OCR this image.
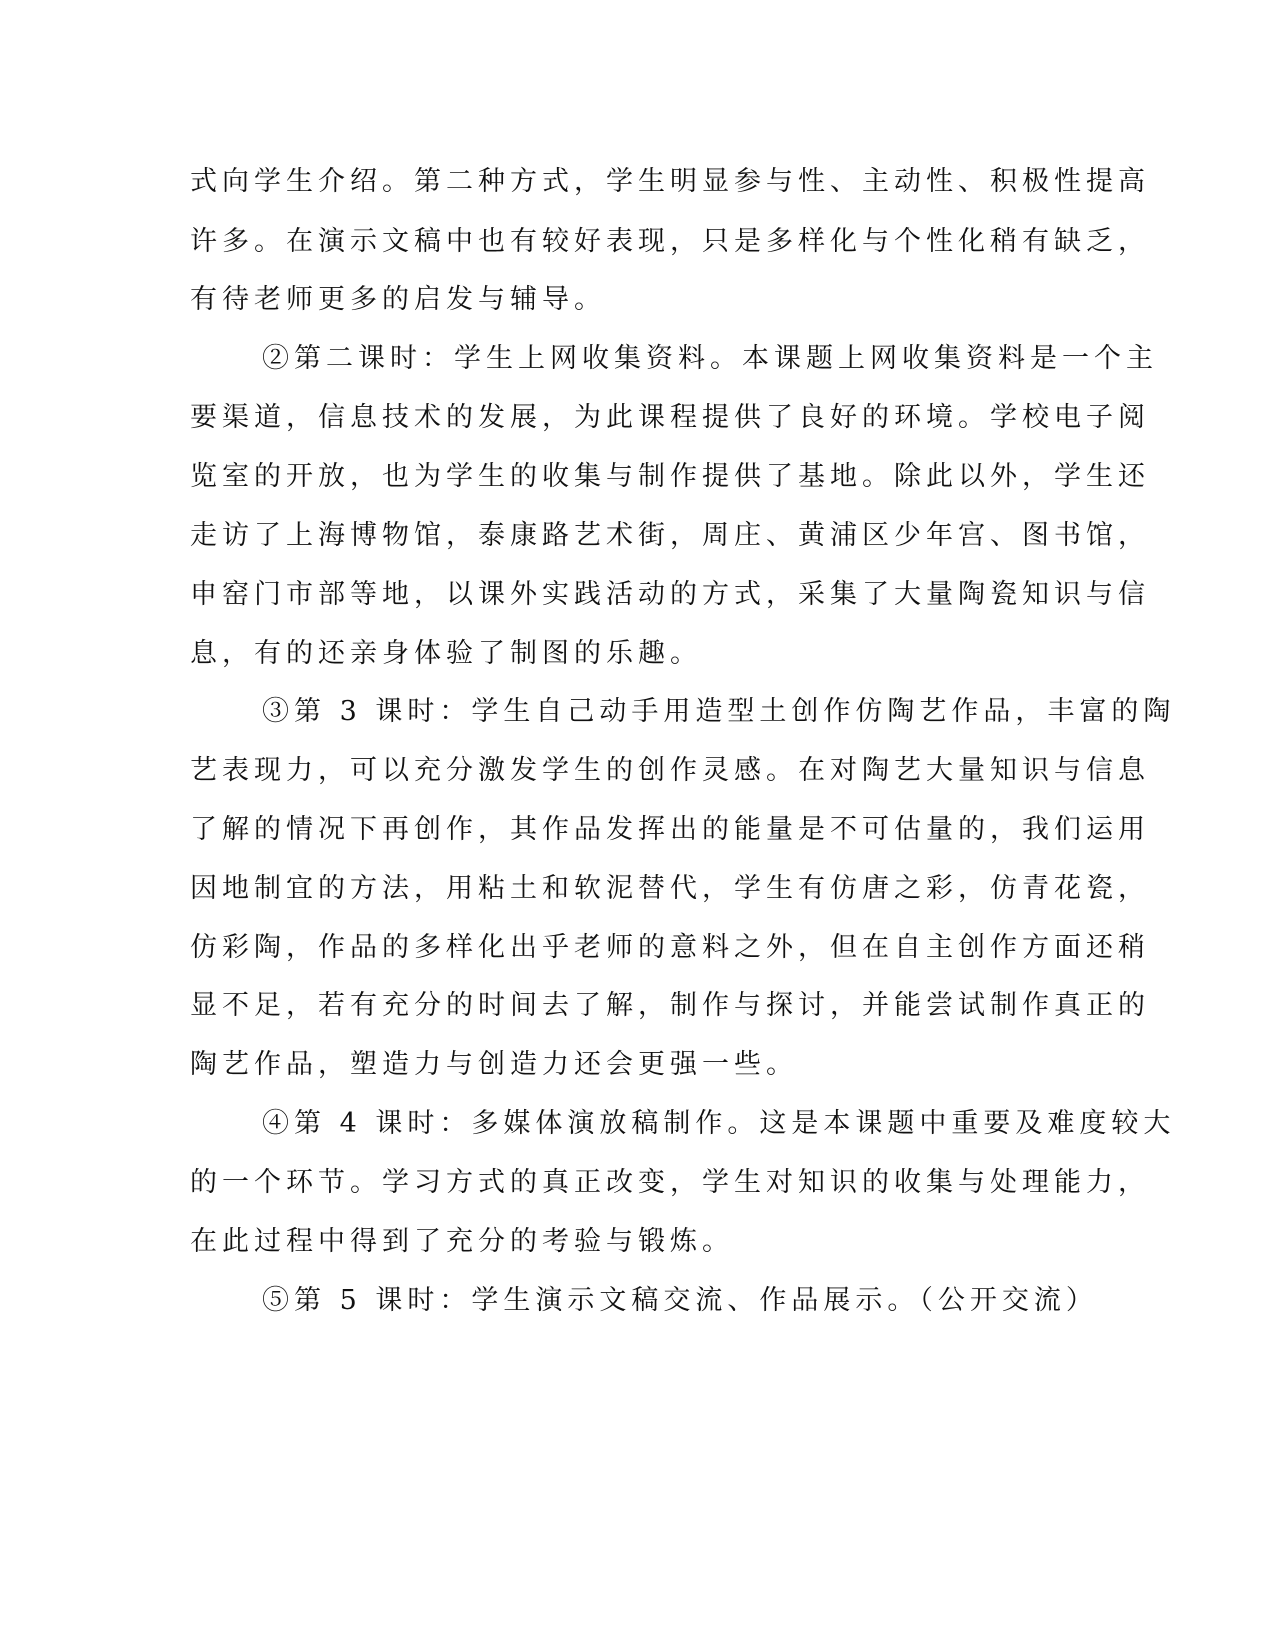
式向学生介绍。第二种方式，学生明显参与性、主动性、积极性提高

许多。在演示文稿中也有较好表现，只是多样化与个性化稍有缺乏，

有待老师更多的启发与辅导。

②第二课时：学生上网收集资料。本课题上网收集资料是一个主

要渠道，信息技术的发展，为此课程提供了良好的环境。学校电子阅

览室的开放，也为学生的收集与制作提供了基地。除此以外，学生还

走访了上海博物馆，泰康路艺术街，周庄、黄浦区少年宫、图书馆，

申窑门市部等地，以课外实践活动的方式，采集了大量陶瓷知识与信

息，有的还亲身体验了制图的乐趣。

③第 3 课时：学生自己动手用造型土创作仿陶艺作品，丰富的陶

艺表现力，可以充分激发学生的创作灵感。在对陶艺大量知识与信息

了解的情况下再创作，其作品发挥出的能量是不可估量的，我们运用

因地制宜的方法，用粘土和软泥替代，学生有仿唐之彩，仿青花瓷，

仿彩陶，作品的多样化出乎老师的意料之外，但在自主创作方面还稍

显不足，若有充分的时间去了解，制作与探讨，并能尝试制作真正的

陶艺作品，塑造力与创造力还会更强一些。

④第 4 课时：多媒体演放稿制作。这是本课题中重要及难度较大

的一个环节。学习方式的真正改变，学生对知识的收集与处理能力，

在此过程中得到了充分的考验与锻炼。

⑤第 5 课时：学生演示文稿交流、作品展示。（公开交流）
